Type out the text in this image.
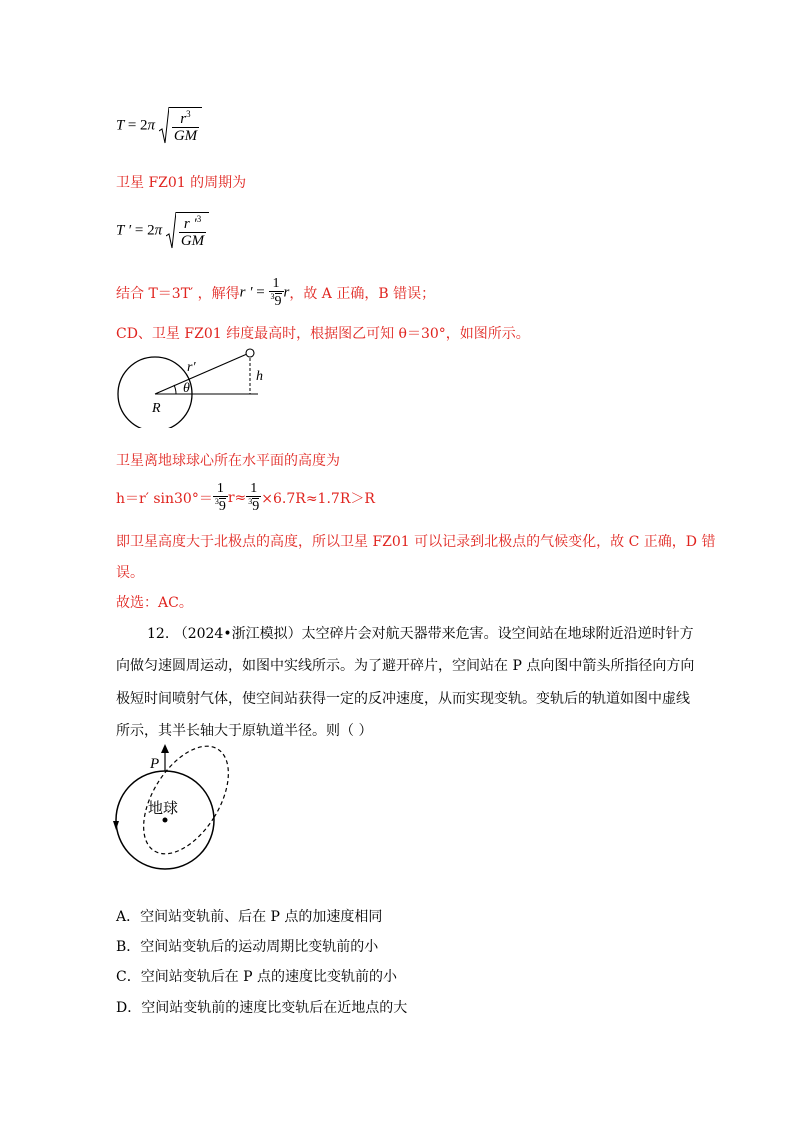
$T = 2\pi \frac{r^3}{GM}$
卫星 FZ01 的周期为
T ′ = $2\pi \frac{r '^3}{GM}$
结合 T＝3T′ ，解得r ′ = $\frac{1}{^39}$ r，故 A 正确，B 错误；
CD、卫星 FZ01 纬度最高时，根据图乙可知 θ＝30°，如图所示。
r′
h
θ
R
卫星离地球球心所在水平面的高度为
h＝r′ $\sin 30^\circ= \frac{1}{^39} r\approx \frac{1}{^39} \times 6.7R\approx 1.7R>R$
即卫星高度大于北极点的高度，所以卫星 FZ01 可以记录到北极点的气候变化，故 C 正确，D 错
误。
故选：AC。
12. （2024•浙江模拟）太空碎片会对航天器带来危害。设空间站在地球附近沿逆时针方
向做匀速圆周运动，如图中实线所示。为了避开碎片，空间站在 P 点向图中箭头所指径向方向
极短时间喷射气体，使空间站获得一定的反冲速度，从而实现变轨。变轨后的轨道如图中虚线
所示，其半长轴大于原轨道半径。则（ ）
P
地球
A．空间站变轨前、后在 P 点的加速度相同
B．空间站变轨后的运动周期比变轨前的小
C．空间站变轨后在 P 点的速度比变轨前的小
D．空间站变轨前的速度比变轨后在近地点的大
